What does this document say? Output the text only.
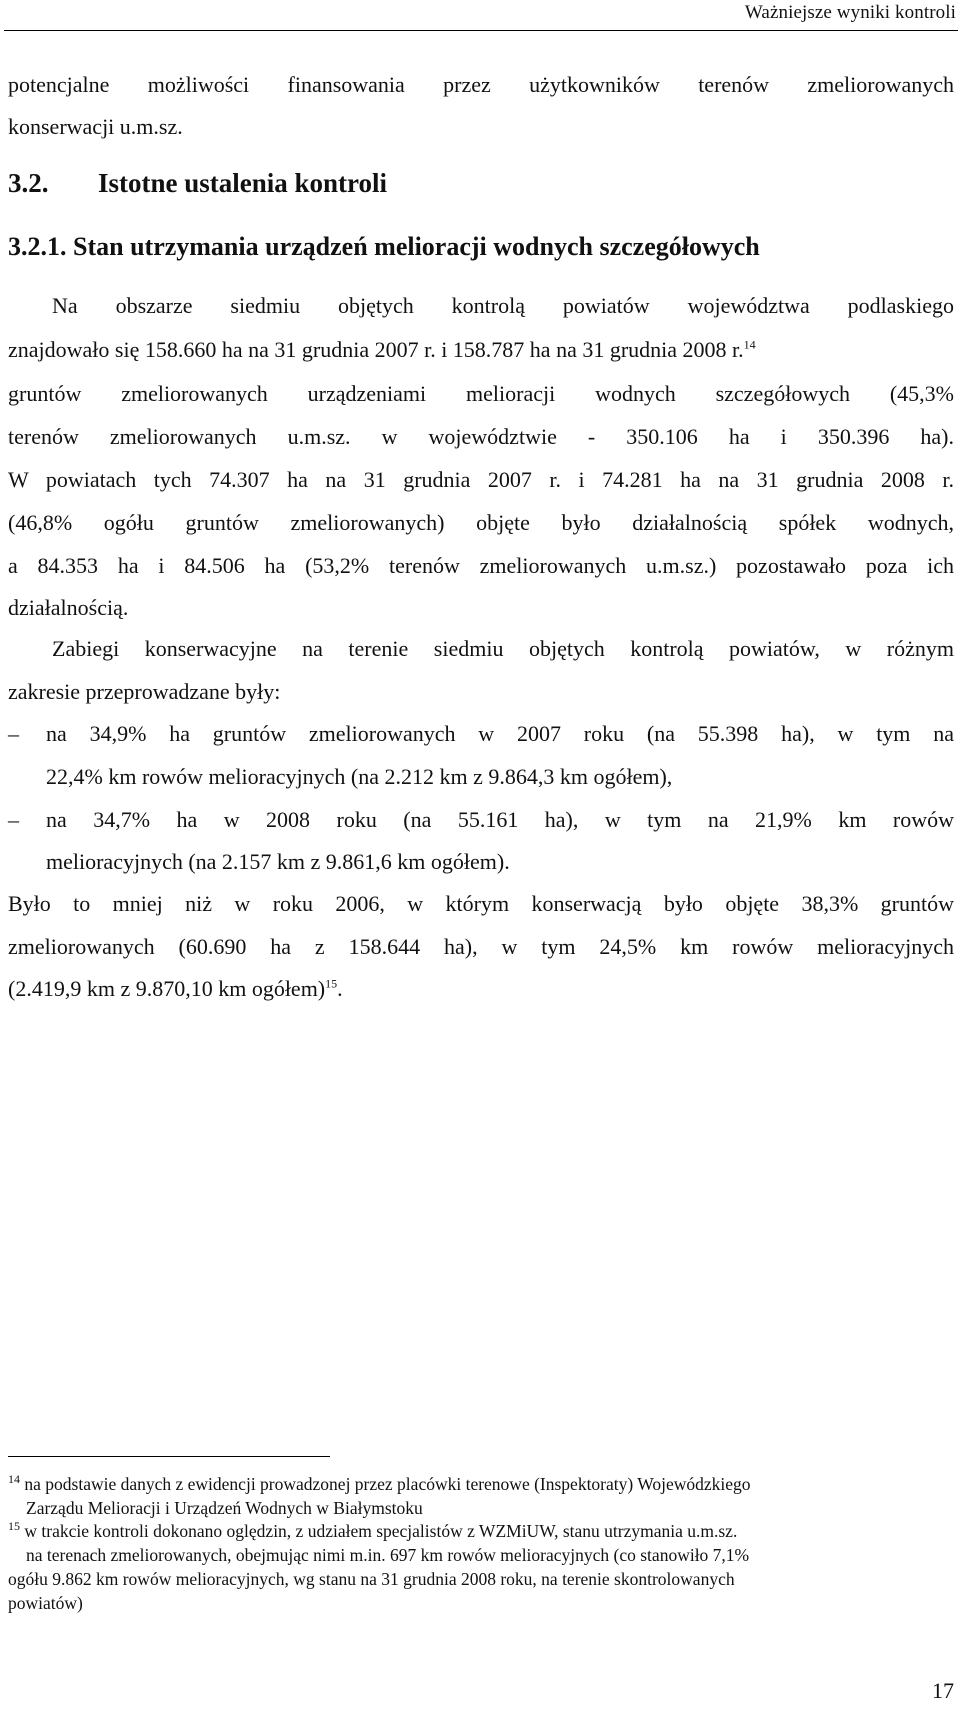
Ważniejsze wyniki kontroli
potencjalne możliwości finansowania przez użytkowników terenów zmeliorowanych
konserwacji u.m.sz.
3.2. Istotne ustalenia kontroli
3.2.1. Stan utrzymania urządzeń melioracji wodnych szczegółowych
Na obszarze siedmiu objętych kontrolą powiatów województwa podlaskiego
znajdowało się 158.660 ha na 31 grudnia 2007 r. i 158.787 ha na 31 grudnia 2008 r.$^{14}$
gruntów zmeliorowanych urządzeniami melioracji wodnych szczegółowych (45,3%
terenów zmeliorowanych u.m.sz. w województwie - 350.106 ha i 350.396 ha).
W powiatach tych 74.307 ha na 31 grudnia 2007 r. i 74.281 ha na 31 grudnia 2008 r.
(46,8% ogółu gruntów zmeliorowanych) objęte było działalnością spółek wodnych,
a 84.353 ha i 84.506 ha (53,2% terenów zmeliorowanych u.m.sz.) pozostawało poza ich
działalnością.
Zabiegi konserwacyjne na terenie siedmiu objętych kontrolą powiatów, w różnym
zakresie przeprowadzane były:
– na 34,9% ha gruntów zmeliorowanych w 2007 roku (na 55.398 ha), w tym na
22,4% km rowów melioracyjnych (na 2.212 km z 9.864,3 km ogółem),
– na 34,7% ha w 2008 roku (na 55.161 ha), w tym na 21,9% km rowów
melioracyjnych (na 2.157 km z 9.861,6 km ogółem).
Było to mniej niż w roku 2006, w którym konserwacją było objęte 38,3% gruntów
zmeliorowanych (60.690 ha z 158.644 ha), w tym 24,5% km rowów melioracyjnych
(2.419,9 km z 9.870,10 km ogółem)$^{15}$.
$^{14}$ na podstawie danych z ewidencji prowadzonej przez placówki terenowe (Inspektoraty) Wojewódzkiego
Zarządu Melioracji i Urządzeń Wodnych w Białymstoku
$^{15}$ w trakcie kontroli dokonano oględzin, z udziałem specjalistów z WZMiUW, stanu utrzymania u.m.sz.
na terenach zmeliorowanych, obejmując nimi m.in. 697 km rowów melioracyjnych (co stanowiło 7,1%
ogółu 9.862 km rowów melioracyjnych, wg stanu na 31 grudnia 2008 roku, na terenie skontrolowanych
powiatów)
17
